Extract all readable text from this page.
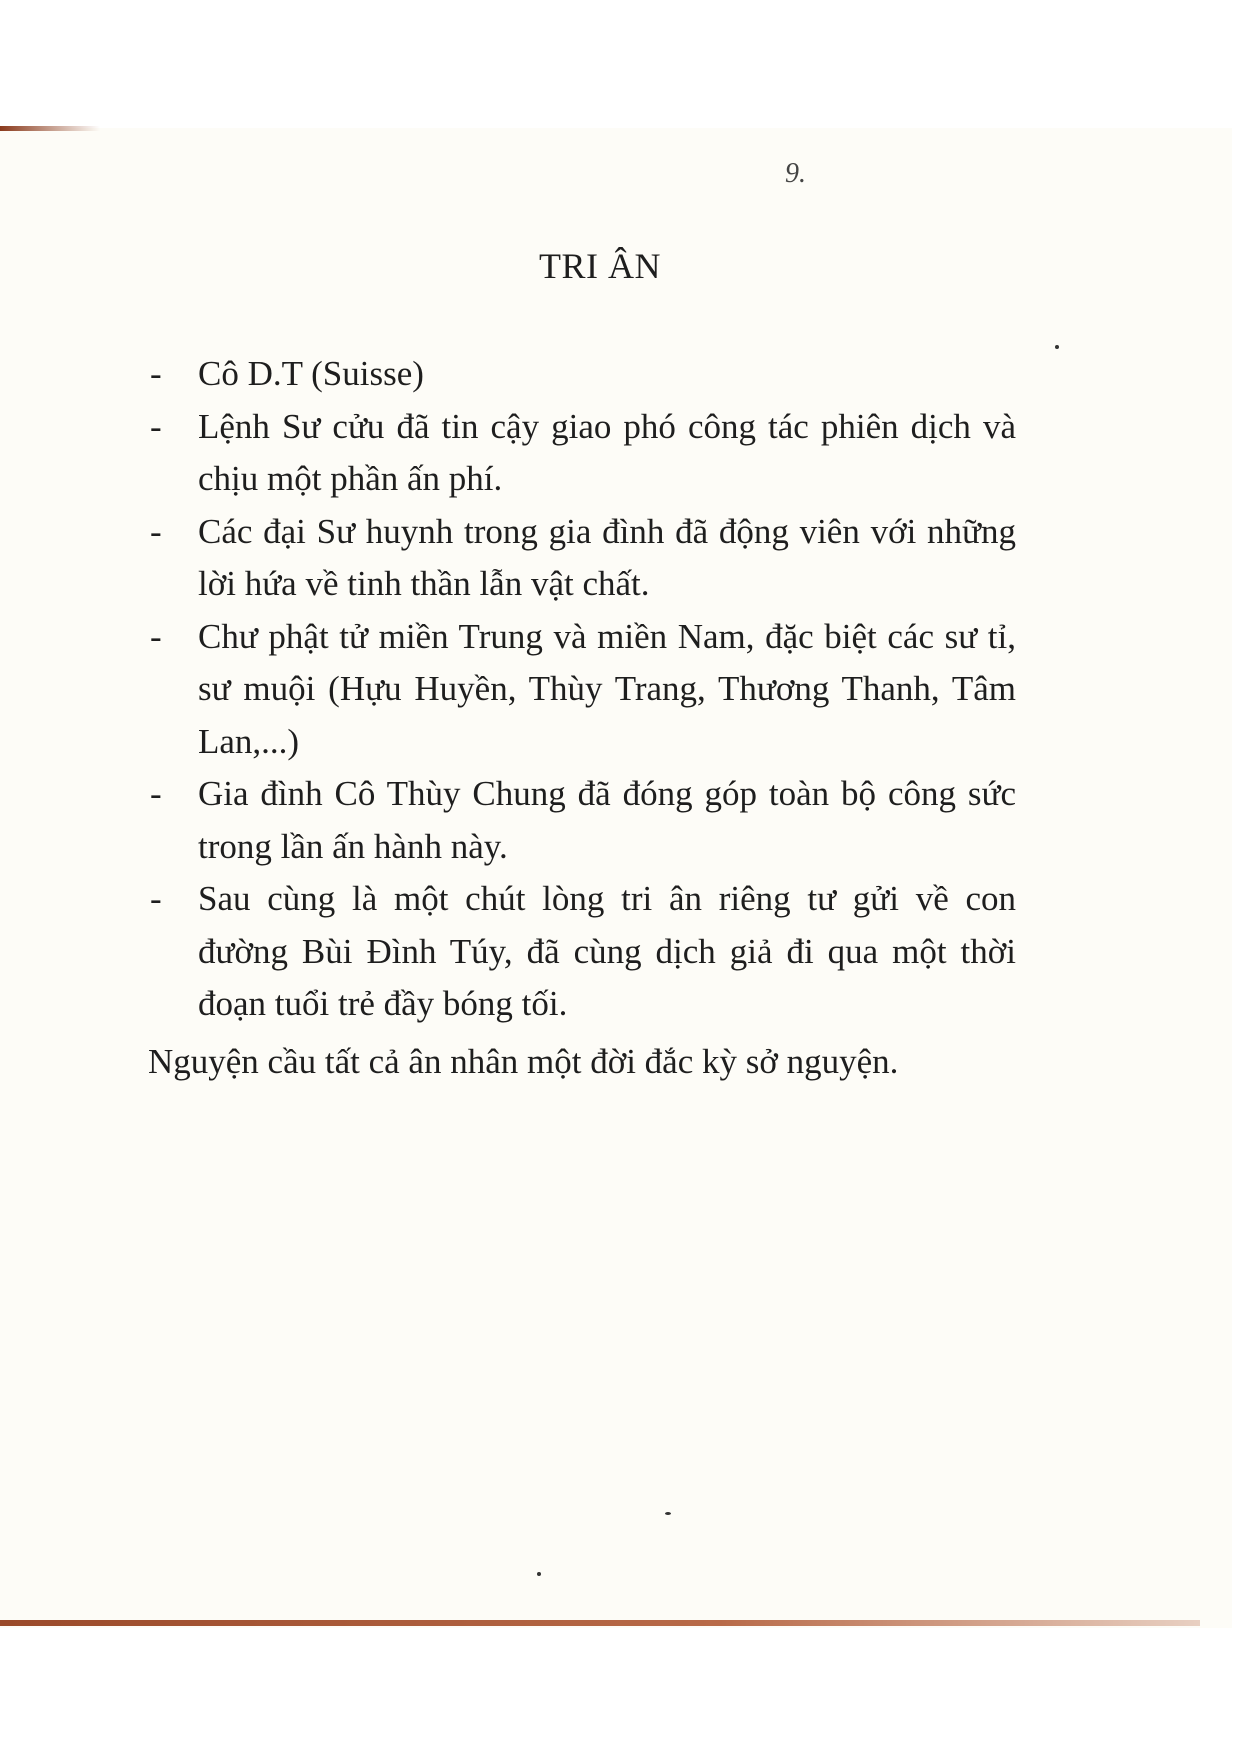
9.
TRI ÂN
- Cô D.T (Suisse)
- Lệnh Sư cửu đã tin cậy giao phó công tác phiên dịch và chịu một phần ấn phí.
- Các đại Sư huynh trong gia đình đã động viên với những lời hứa về tinh thần lẫn vật chất.
- Chư phật tử miền Trung và miền Nam, đặc biệt các sư tỉ, sư muội (Hựu Huyền, Thùy Trang, Thương Thanh, Tâm Lan,...)
- Gia đình Cô Thùy Chung đã đóng góp toàn bộ công sức trong lần ấn hành này.
- Sau cùng là một chút lòng tri ân riêng tư gửi về con đường Bùi Đình Túy, đã cùng dịch giả đi qua một thời đoạn tuổi trẻ đầy bóng tối.

Nguyện cầu tất cả ân nhân một đời đắc kỳ sở nguyện.
